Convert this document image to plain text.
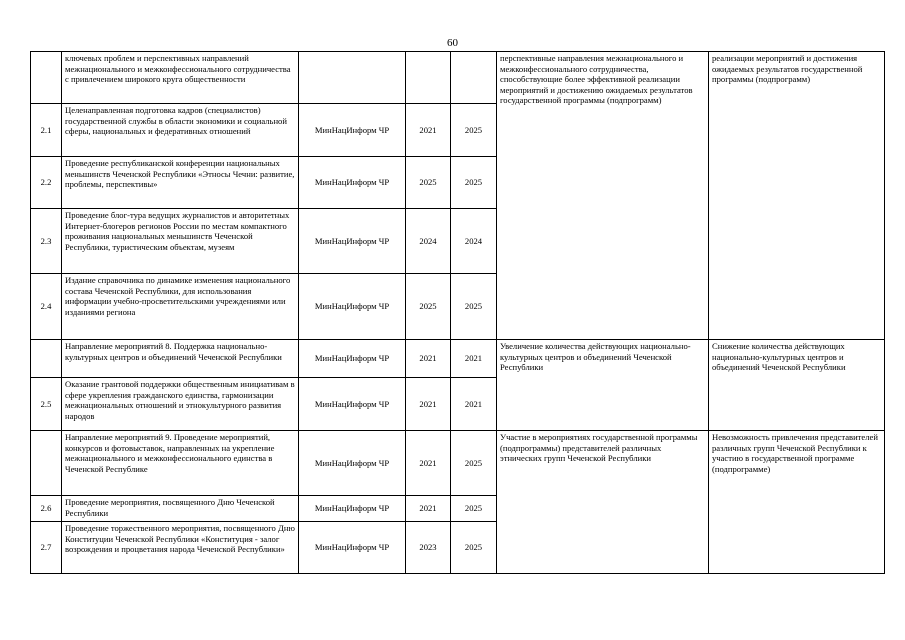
60
	ключевых проблем и перспективных направлений межнационального и межконфессионального сотрудничества с привлечением широкого круга общественности				перспективные направления межнационального и межконфессионального сотрудничества, способствующие более эффективной реализации мероприятий и достижению ожидаемых результатов государственной программы (подпрограмм)	реализации мероприятий и достижения ожидаемых результатов государственной программы (подпрограмм)
2.1	Целенаправленная подготовка кадров (специалистов) государственной службы в области экономики и социальной сферы, национальных и федеративных отношений	МинНацИнформ ЧР	2021	2025		
2.2	Проведение республиканской конференции национальных меньшинств Чеченской Республики «Этносы Чечни: развитие, проблемы, перспективы»	МинНацИнформ ЧР	2025	2025		
2.3	Проведение блог-тура ведущих журналистов и авторитетных Интернет-блогеров регионов России по местам компактного проживания национальных меньшинств Чеченской Республики, туристическим объектам, музеям	МинНацИнформ ЧР	2024	2024		
2.4	Издание справочника по динамике изменения национального состава Чеченской Республики, для использования информации учебно-просветительскими учреждениями или изданиями региона	МинНацИнформ ЧР	2025	2025		
	Направление мероприятий 8. Поддержка национально-культурных центров и объединений Чеченской Республики	МинНацИнформ ЧР	2021	2021	Увеличение количества действующих национально-культурных центров и объединений Чеченской Республики	Снижение количества действующих национально-культурных центров и объединений Чеченской Республики
2.5	Оказание грантовой поддержки общественным инициативам в сфере укрепления гражданского единства, гармонизации межнациональных отношений и этнокультурного развития народов	МинНацИнформ ЧР	2021	2021		
	Направление мероприятий 9. Проведение мероприятий, конкурсов и фотовыставок, направленных на укрепление межнационального и межконфессионального единства в Чеченской Республике	МинНацИнформ ЧР	2021	2025	Участие в мероприятиях государственной программы (подпрограммы) представителей различных этнических групп Чеченской Республики	Невозможность привлечения представителей различных групп Чеченской Республики к участию в государственной программе (подпрограмме)
2.6	Проведение мероприятия, посвященного Дню Чеченской Республики	МинНацИнформ ЧР	2021	2025		
2.7	Проведение торжественного мероприятия, посвященного Дню Конституции Чеченской Республики «Конституция - залог возрождения и процветания народа Чеченской Республики»	МинНацИнформ ЧР	2023	2025		
